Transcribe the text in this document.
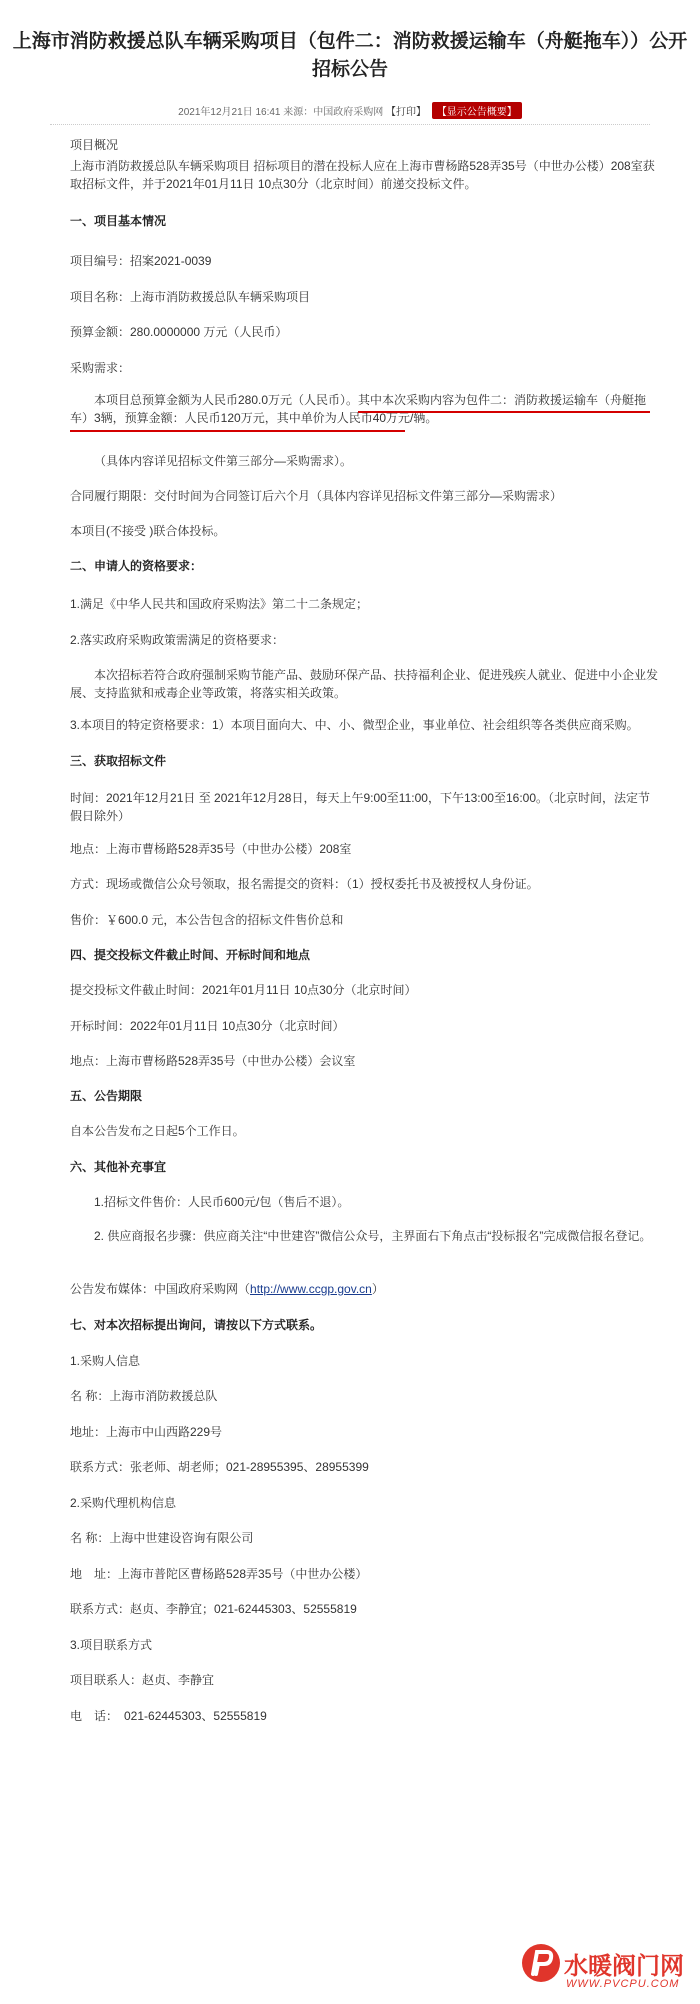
上海市消防救援总队车辆采购项目（包件二：消防救援运输车（舟艇拖车））公开
招标公告
2021年12月21日 16:41 来源：中国政府采购网 【打印】 【显示公告概要】
项目概况
上海市消防救援总队车辆采购项目 招标项目的潜在投标人应在上海市曹杨路528弄35号（中世办公楼）208室获取招标文件，并于2021年01月11日 10点30分（北京时间）前递交投标文件。
一、项目基本情况
项目编号：招案2021-0039
项目名称：上海市消防救援总队车辆采购项目
预算金额：280.0000000 万元（人民币）
采购需求：
本项目总预算金额为人民币280.0万元（人民币）。其中本次采购内容为包件二：消防救援运输车（舟艇拖车）3辆，预算金额：人民币120万元，其中单价为人民币40万元/辆。
（具体内容详见招标文件第三部分—采购需求）。
合同履行期限：交付时间为合同签订后六个月（具体内容详见招标文件第三部分—采购需求）
本项目(不接受 )联合体投标。
二、申请人的资格要求：
1.满足《中华人民共和国政府采购法》第二十二条规定；
2.落实政府采购政策需满足的资格要求：
本次招标若符合政府强制采购节能产品、鼓励环保产品、扶持福利企业、促进残疾人就业、促进中小企业发展、支持监狱和戒毒企业等政策，将落实相关政策。
3.本项目的特定资格要求：1）本项目面向大、中、小、微型企业，事业单位、社会组织等各类供应商采购。
三、获取招标文件
时间：2021年12月21日 至 2021年12月28日，每天上午9:00至11:00，下午13:00至16:00。（北京时间，法定节假日除外）
地点：上海市曹杨路528弄35号（中世办公楼）208室
方式：现场或微信公众号领取，报名需提交的资料：（1）授权委托书及被授权人身份证。
售价：￥600.0 元，本公告包含的招标文件售价总和
四、提交投标文件截止时间、开标时间和地点
提交投标文件截止时间：2021年01月11日 10点30分（北京时间）
开标时间：2022年01月11日 10点30分（北京时间）
地点：上海市曹杨路528弄35号（中世办公楼）会议室
五、公告期限
自本公告发布之日起5个工作日。
六、其他补充事宜
1.招标文件售价：人民币600元/包（售后不退）。
2. 供应商报名步骤：供应商关注“中世建咨”微信公众号，主界面右下角点击“投标报名”完成微信报名登记。
公告发布媒体：中国政府采购网（http://www.ccgp.gov.cn）
七、对本次招标提出询问，请按以下方式联系。
1.采购人信息
名 称：上海市消防救援总队
地址：上海市中山西路229号
联系方式：张老师、胡老师；021-28955395、28955399
2.采购代理机构信息
名 称：上海中世建设咨询有限公司
地　址：上海市普陀区曹杨路528弄35号（中世办公楼）
联系方式：赵贞、李静宜；021-62445303、52555819
3.项目联系方式
项目联系人：赵贞、李静宜
电　话：　021-62445303、52555819
水暖阀门网
WWW.PVCPU.COM
